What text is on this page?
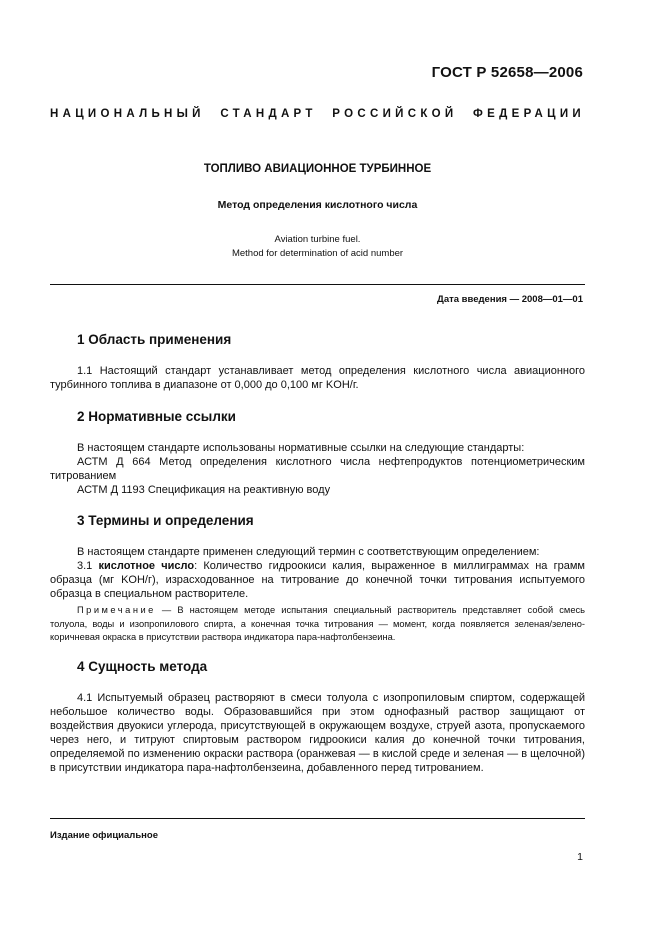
ГОСТ Р 52658—2006
НАЦИОНАЛЬНЫЙ СТАНДАРТ РОССИЙСКОЙ ФЕДЕРАЦИИ
ТОПЛИВО АВИАЦИОННОЕ ТУРБИННОЕ
Метод определения кислотного числа
Aviation turbine fuel.
Method for determination of acid number
Дата введения — 2008—01—01
1 Область применения
1.1 Настоящий стандарт устанавливает метод определения кислотного числа авиационного турбинного топлива в диапазоне от 0,000 до 0,100 мг KOH/г.
2 Нормативные ссылки
В настоящем стандарте использованы нормативные ссылки на следующие стандарты:
АСТМ Д 664 Метод определения кислотного числа нефтепродуктов потенциометрическим титрованием
АСТМ Д 1193 Спецификация на реактивную воду
3 Термины и определения
В настоящем стандарте применен следующий термин с соответствующим определением:
3.1 кислотное число: Количество гидроокиси калия, выраженное в миллиграммах на грамм образца (мг KOH/г), израсходованное на титрование до конечной точки титрования испытуемого образца в специальном растворителе.
Примечание — В настоящем методе испытания специальный растворитель представляет собой смесь толуола, воды и изопропилового спирта, а конечная точка титрования — момент, когда появляется зеленая/зелено-коричневая окраска в присутствии раствора индикатора пара-нафтолбензеина.
4 Сущность метода
4.1 Испытуемый образец растворяют в смеси толуола с изопропиловым спиртом, содержащей небольшое количество воды. Образовавшийся при этом однофазный раствор защищают от воздействия двуокиси углерода, присутствующей в окружающем воздухе, струей азота, пропускаемого через него, и титруют спиртовым раствором гидроокиси калия до конечной точки титрования, определяемой по изменению окраски раствора (оранжевая — в кислой среде и зеленая — в щелочной) в присутствии индикатора пара-нафтолбензеина, добавленного перед титрованием.
Издание официальное
1
